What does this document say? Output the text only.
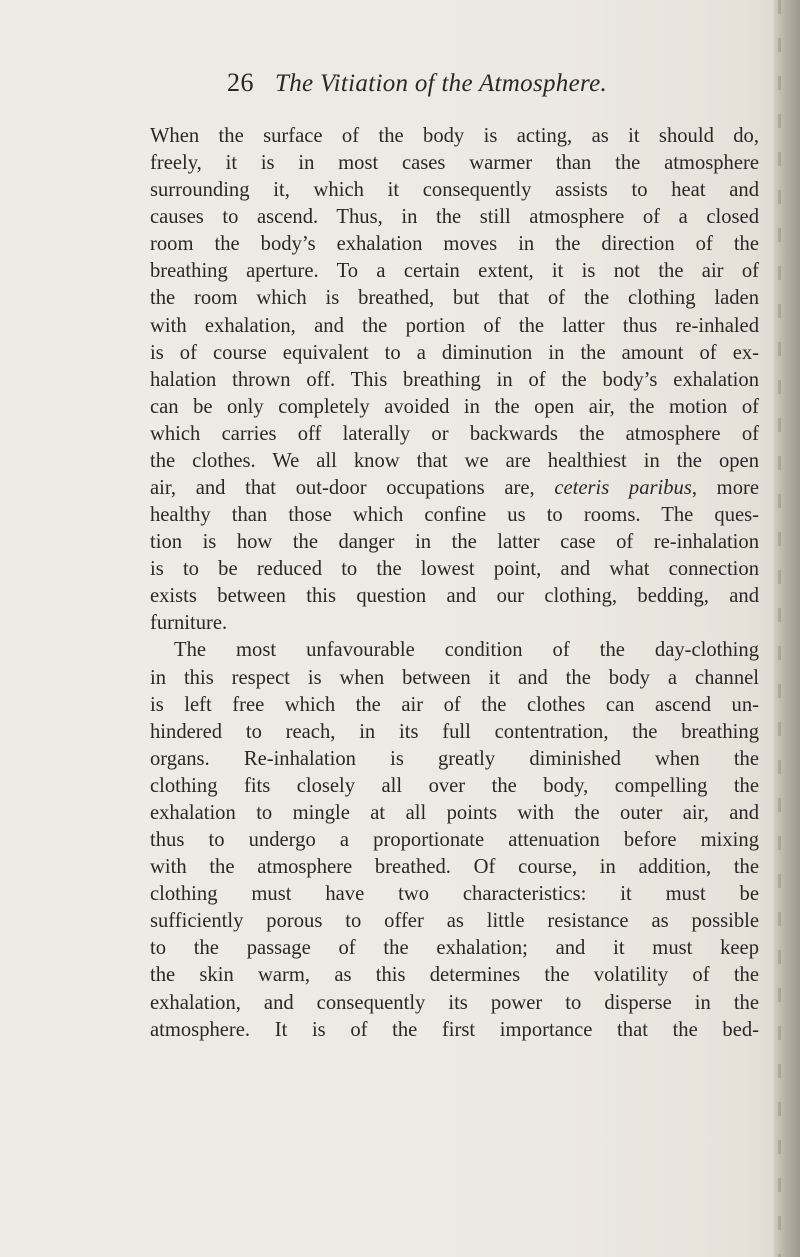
26 The Vitiation of the Atmosphere.
When the surface of the body is acting, as it should do,
freely, it is in most cases warmer than the atmosphere
surrounding it, which it consequently assists to heat and
causes to ascend. Thus, in the still atmosphere of a closed
room the body’s exhalation moves in the direction of the
breathing aperture. To a certain extent, it is not the air of
the room which is breathed, but that of the clothing laden
with exhalation, and the portion of the latter thus re-inhaled
is of course equivalent to a diminution in the amount of ex-
halation thrown off. This breathing in of the body’s exhalation
can be only completely avoided in the open air, the motion of
which carries off laterally or backwards the atmosphere of
the clothes. We all know that we are healthiest in the open
air, and that out-door occupations are, ceteris paribus, more
healthy than those which confine us to rooms. The ques-
tion is how the danger in the latter case of re-inhalation
is to be reduced to the lowest point, and what connection
exists between this question and our clothing, bedding, and
furniture.
The most unfavourable condition of the day-clothing
in this respect is when between it and the body a channel
is left free which the air of the clothes can ascend un-
hindered to reach, in its full contentration, the breathing
organs. Re-inhalation is greatly diminished when the
clothing fits closely all over the body, compelling the
exhalation to mingle at all points with the outer air, and
thus to undergo a proportionate attenuation before mixing
with the atmosphere breathed. Of course, in addition, the
clothing must have two characteristics: it must be
sufficiently porous to offer as little resistance as possible
to the passage of the exhalation; and it must keep
the skin warm, as this determines the volatility of the
exhalation, and consequently its power to disperse in the
atmosphere. It is of the first importance that the bed-
